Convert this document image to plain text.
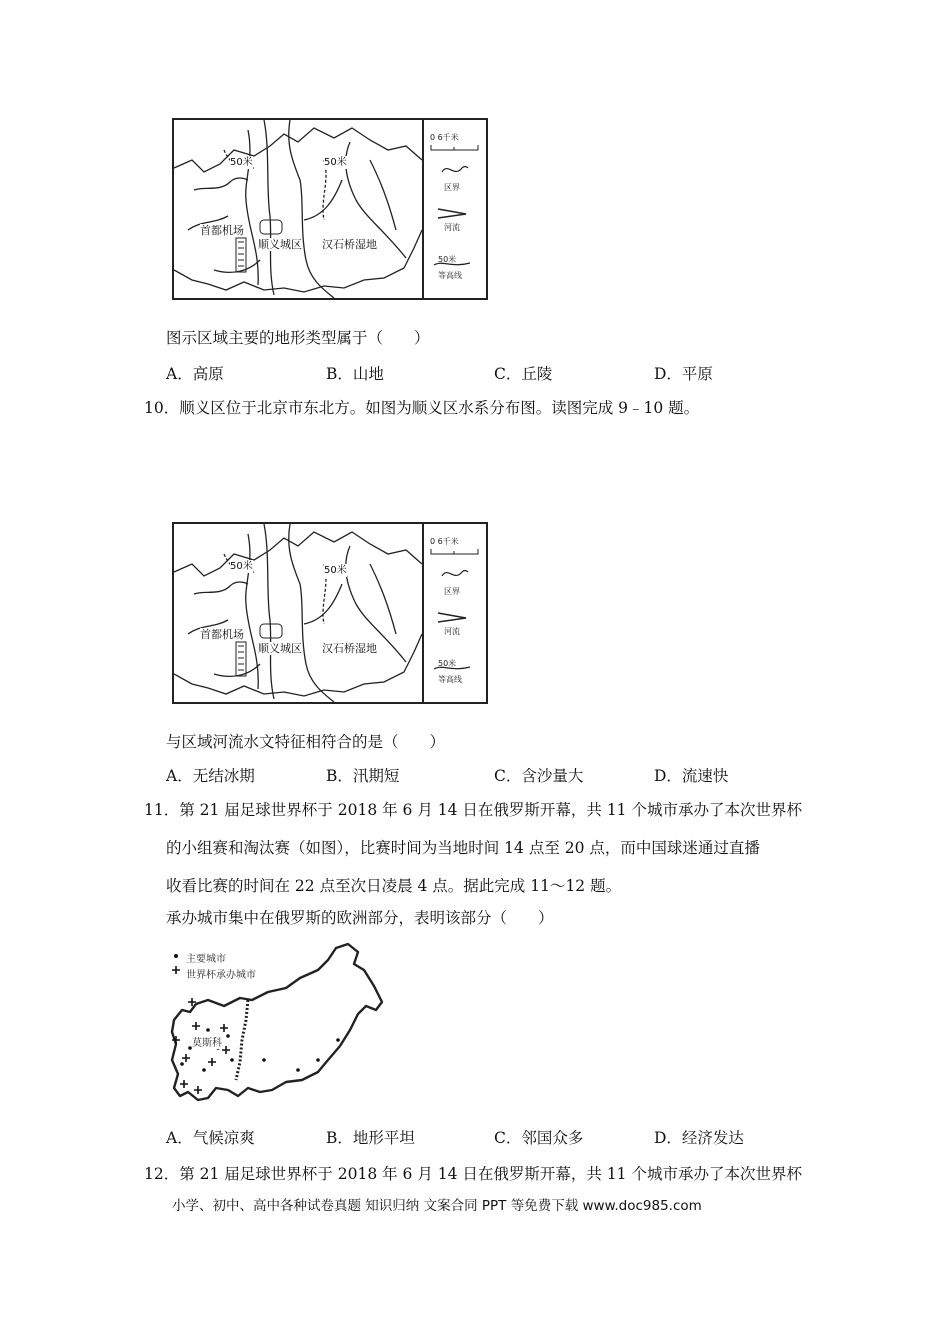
50米	50米
首都机场
顺义城区 汉石桥湿地
0 6千米
区界
河流
50米
等高线
图示区域主要的地形类型属于（　　）
A．高原	B．山地	C．丘陵	D．平原
10．顺义区位于北京市东北方。如图为顺义区水系分布图。读图完成 9﹣10 题。
50米	50米
首都机场
顺义城区 汉石桥湿地
0 6千米
区界
河流
50米
等高线
与区域河流水文特征相符合的是（　　）
A．无结冰期	B．汛期短	C．含沙量大	D．流速快
11．第 21 届足球世界杯于 2018 年 6 月 14 日在俄罗斯开幕，共 11 个城市承办了本次世界杯
的小组赛和淘汰赛（如图），比赛时间为当地时间 14 点至 20 点，而中国球迷通过直播
收看比赛的时间在 22 点至次日凌晨 4 点。据此完成 11～12 题。
承办城市集中在俄罗斯的欧洲部分，表明该部分（　　）
主要城市
世界杯承办城市
莫斯科
A．气候凉爽	B．地形平坦	C．邻国众多	D．经济发达
12．第 21 届足球世界杯于 2018 年 6 月 14 日在俄罗斯开幕，共 11 个城市承办了本次世界杯
小学、初中、高中各种试卷真题 知识归纳 文案合同 PPT 等免费下载 www.doc985.com
